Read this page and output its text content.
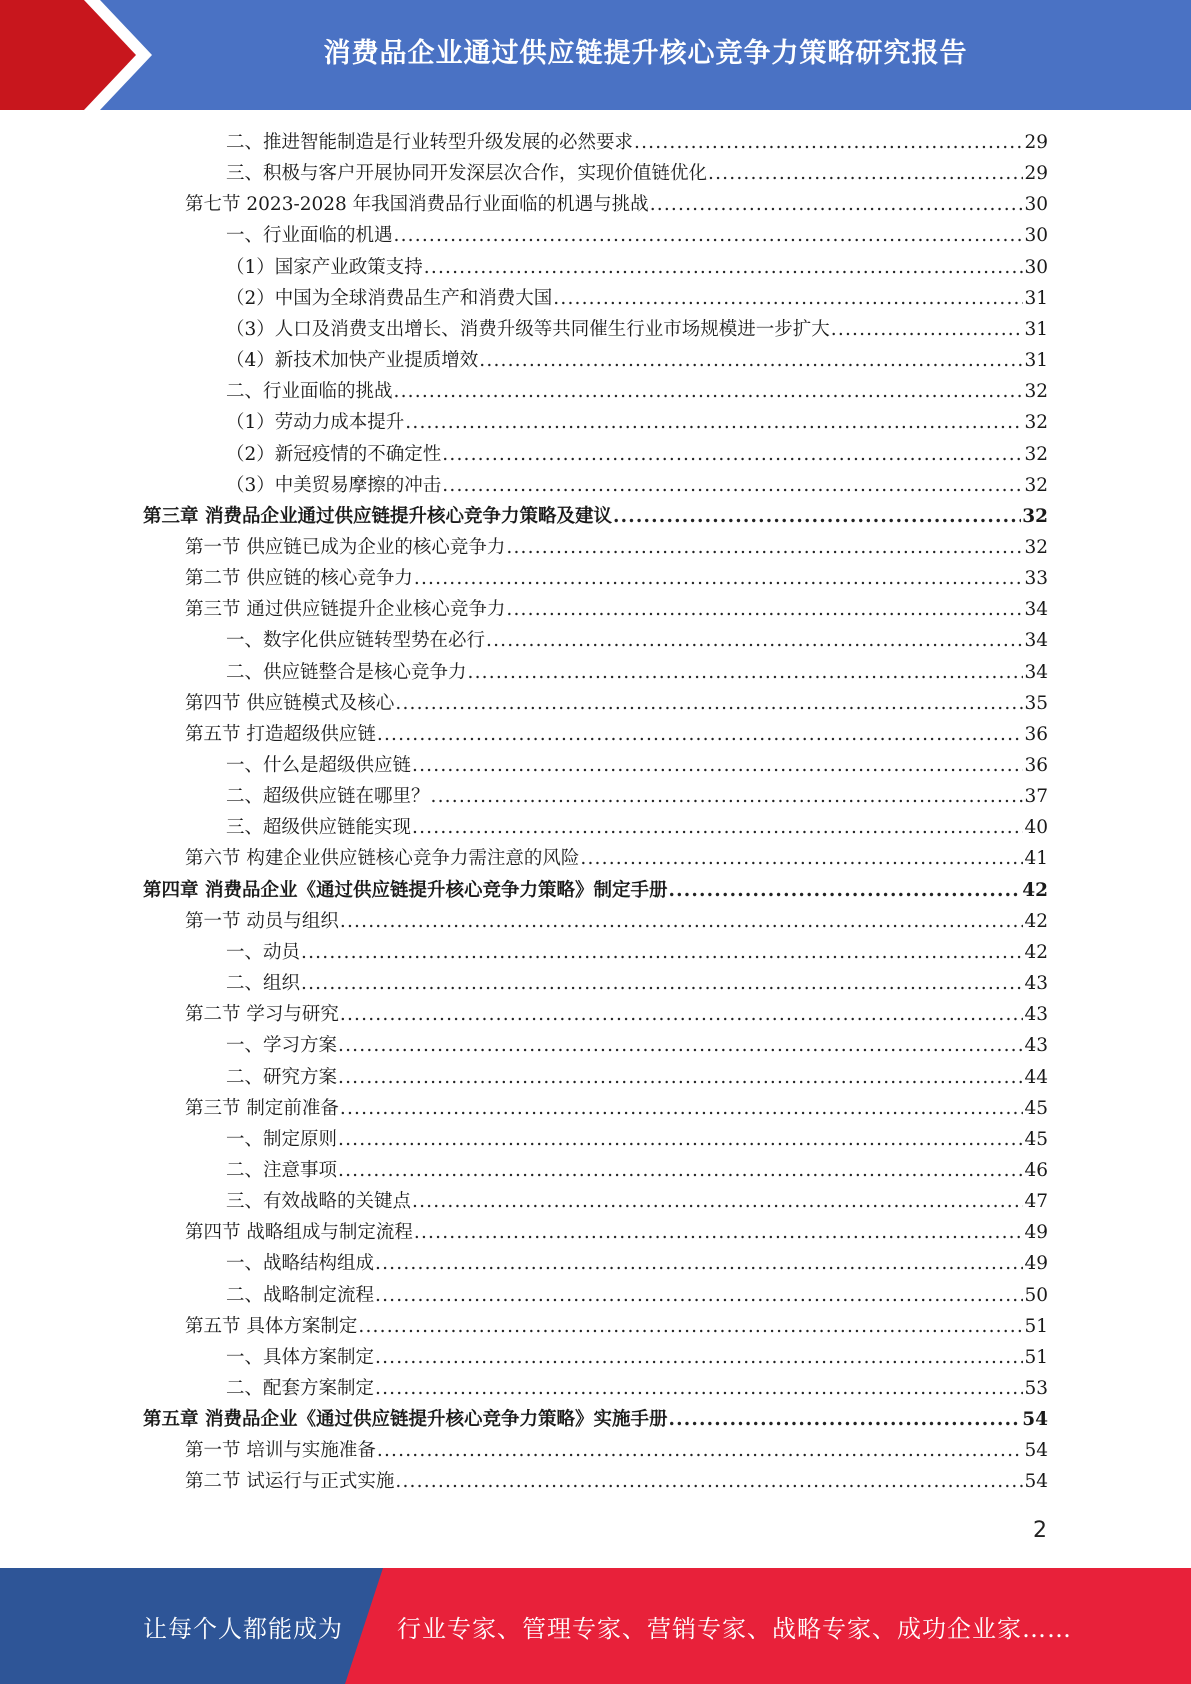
消费品企业通过供应链提升核心竞争力策略研究报告
二、推进智能制造是行业转型升级发展的必然要求 .....	29
三、积极与客户开展协同开发深层次合作，实现价值链优化 .....	29
第七节 2023-2028 年我国消费品行业面临的机遇与挑战 .....	30
一、行业面临的机遇 .....	30
（1）国家产业政策支持 .....	30
（2）中国为全球消费品生产和消费大国 .....	31
（3）人口及消费支出增长、消费升级等共同催生行业市场规模进一步扩大 .....	31
（4）新技术加快产业提质增效 .....	31
二、行业面临的挑战 .....	32
（1）劳动力成本提升 .....	32
（2）新冠疫情的不确定性 .....	32
（3）中美贸易摩擦的冲击 .....	32
第三章 消费品企业通过供应链提升核心竞争力策略及建议 .....	32
第一节 供应链已成为企业的核心竞争力 .....	32
第二节 供应链的核心竞争力 .....	33
第三节 通过供应链提升企业核心竞争力 .....	34
一、数字化供应链转型势在必行 .....	34
二、供应链整合是核心竞争力 .....	34
第四节 供应链模式及核心 .....	35
第五节 打造超级供应链 .....	36
一、什么是超级供应链 .....	36
二、超级供应链在哪里？ .....	37
三、超级供应链能实现 .....	40
第六节 构建企业供应链核心竞争力需注意的风险 .....	41
第四章 消费品企业《通过供应链提升核心竞争力策略》制定手册 .....	42
第一节 动员与组织 .....	42
一、动员 .....	42
二、组织 .....	43
第二节 学习与研究 .....	43
一、学习方案 .....	43
二、研究方案 .....	44
第三节 制定前准备 .....	45
一、制定原则 .....	45
二、注意事项 .....	46
三、有效战略的关键点 .....	47
第四节 战略组成与制定流程 .....	49
一、战略结构组成 .....	49
二、战略制定流程 .....	50
第五节 具体方案制定 .....	51
一、具体方案制定 .....	51
二、配套方案制定 .....	53
第五章 消费品企业《通过供应链提升核心竞争力策略》实施手册 .....	54
第一节 培训与实施准备 .....	54
第二节 试运行与正式实施 .....	54
2
让每个人都能成为 行业专家、管理专家、营销专家、战略专家、成功企业家……
